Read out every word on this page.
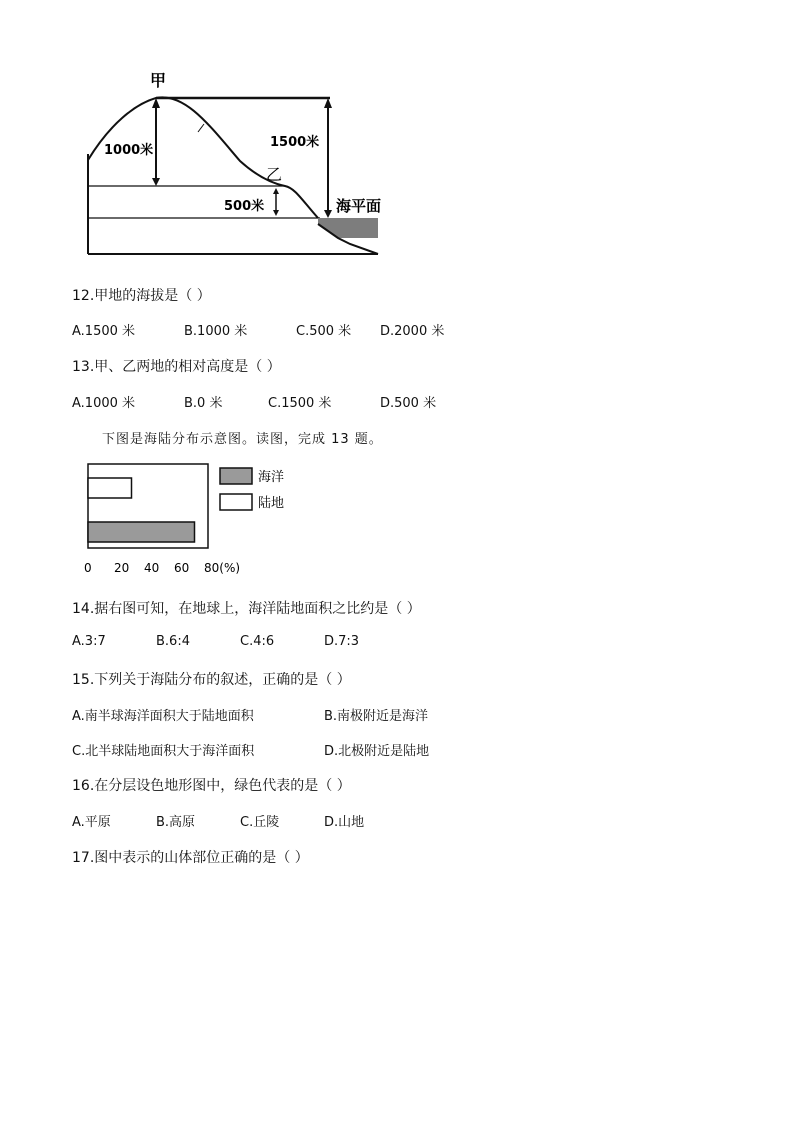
甲
1000米
1500米
乙
500米	海平面
12.甲地的海拔是（ ）
A.1500 米	B.1000 米	C.500 米 D.2000 米
13.甲、乙两地的相对高度是（ ）
A.1000 米	B.0 米	C.1500 米	D.500 米
下图是海陆分布示意图。读图，完成 13 题。
0 20 40 60 80(%)
海洋
陆地
14.据右图可知，在地球上，海洋陆地面积之比约是（ ）
A.3:7	B.6:4	C.4:6	D.7:3
15.下列关于海陆分布的叙述，正确的是（ ）
A.南半球海洋面积大于陆地面积	B.南极附近是海洋
C.北半球陆地面积大于海洋面积	D.北极附近是陆地
16.在分层设色地形图中，绿色代表的是（ ）
A.平原	B.高原	C.丘陵	D.山地
17.图中表示的山体部位正确的是（ ）
